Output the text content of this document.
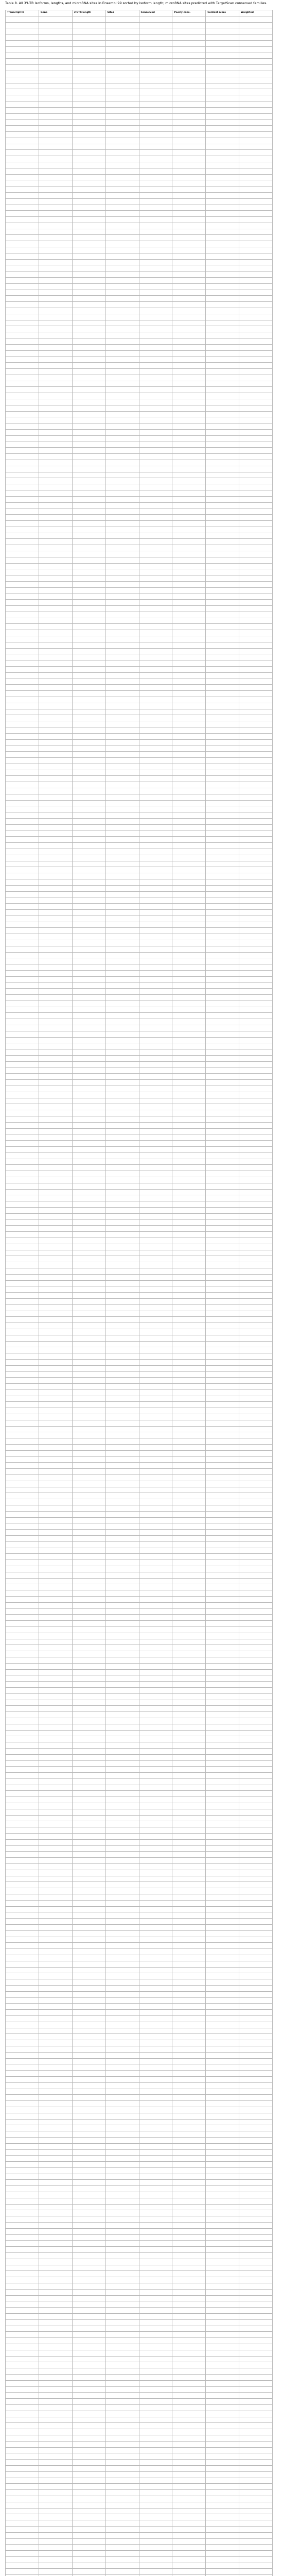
Table 8. All 3'UTR isoforms, lengths, and microRNA sites in Ensembl 99 sorted by isoform length; microRNA sites predicted with TargetScan conserved families.
Transcript ID	Gene	3'UTR length	Sites	Conserved	Poorly cons.	Context score	Weighted
